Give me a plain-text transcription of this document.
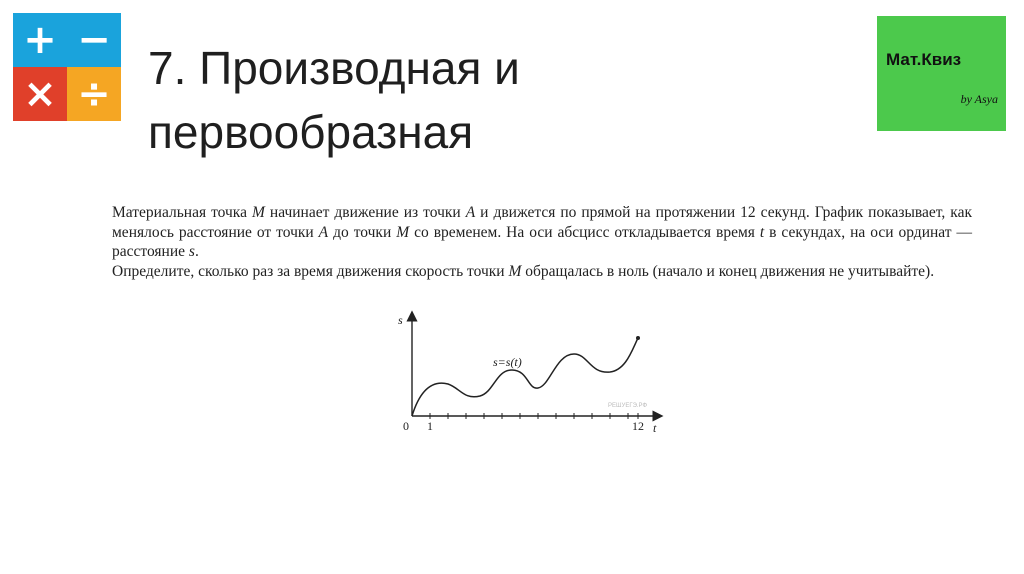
+ −
× ÷ 7. Производная и
первообразная
Мат.Квиз
by Asya

Материальная точка М начинает движение из точки А и движется по прямой на протяжении 12 секунд. График показывает, как менялось расстояние от точки А до точки М со временем. На оси абсцисс откладывается время t в секундах, на оси ординат — расстояние s.

Определите, сколько раз за время движения скорость точки М обращалась в ноль (начало и конец движения не учитывайте).

s
t
s=s(t)
0 1	12
РЕШУЕГЭ.РФ
